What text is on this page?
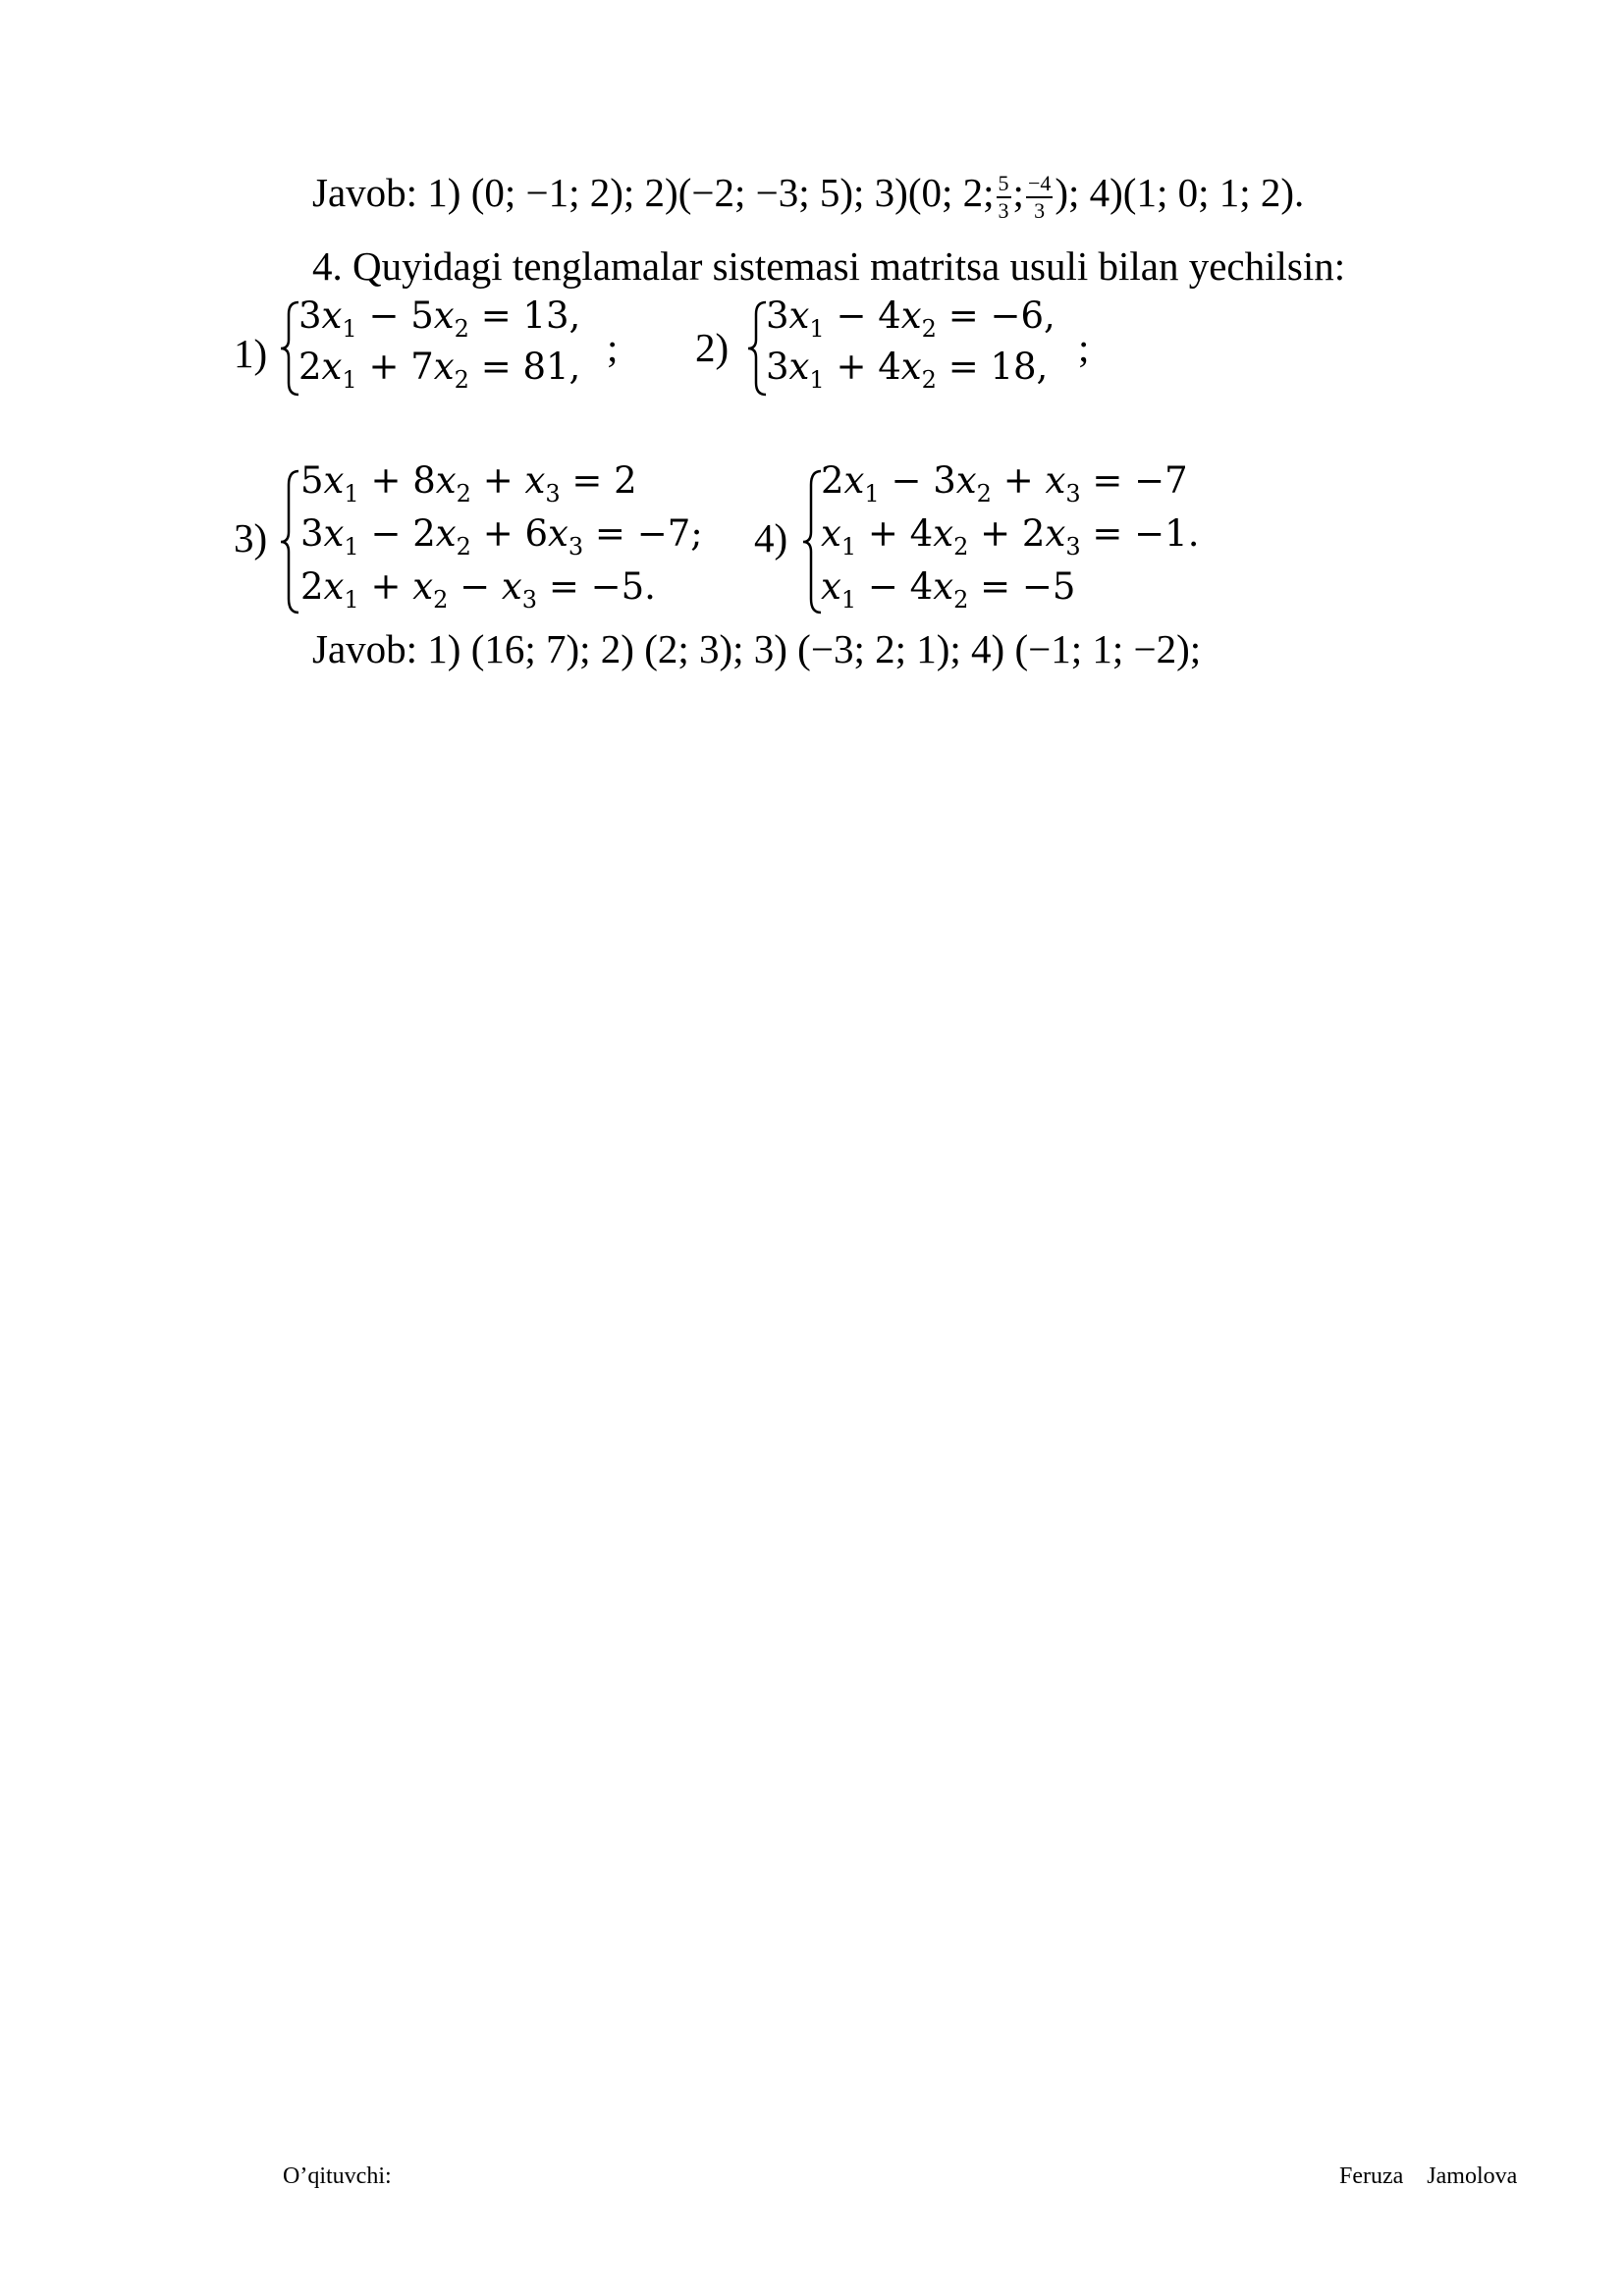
Javob: 1) (0; −1; 2); 2)(−2; −3; 5); 3)(0; 2; $\frac{5}{3}$ ; $\frac{-4}{3}$ ); 4)(1; 0; 1; 2).
4. Quyidagi tenglamalar sistemasi matritsa usuli bilan yechilsin:
1)
$3x_1 - 5x_2 = 13$,
$2x_1 + 7x_2 = 81$, ; 2)
$3x_1 - 4x_2 = -6$,
$3x_1 + 4x_2 = 18$, ;
3)
$5x_1 + 8x_2 + x_3 = 2$
$3x_1 - 2x_2 + 6x_3 = -7$;
$2x_1 + x_2 - x_3 = -5$.
4)
$2x_1 - 3x_2 + x_3 = -7$
$x_1 + 4x_2 + 2x_3 = -1$.
$x_1 - 4x_2 = -5$
Javob: 1) (16; 7); 2) (2; 3); 3) (−3; 2; 1); 4) (−1; 1; −2);
O’qituvchi:	Feruza Jamolova
